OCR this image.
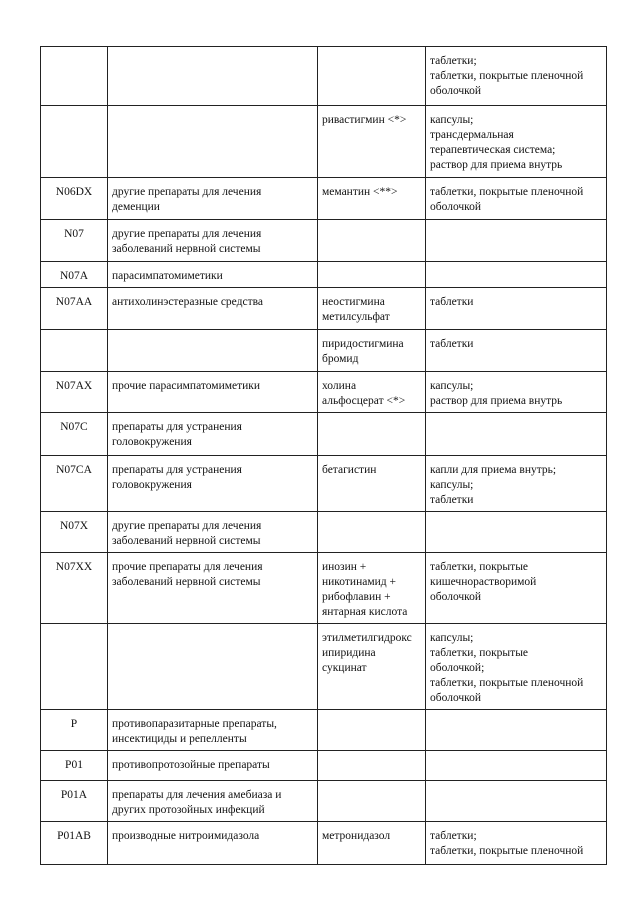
			таблетки;
таблетки, покрытые пленочной
оболочкой

		ривастигмин <*>	капсулы;
трансдермальная
терапевтическая система;
раствор для приема внутрь

N06DX	другие препараты для лечения
деменции	мемантин <**>	таблетки, покрытые пленочной
оболочкой

N07	другие препараты для лечения
заболеваний нервной системы		

N07A	парасимпатомиметики		

N07AA	антихолинэстеразные средства	неостигмина
метилсульфат	таблетки

		пиридостигмина
бромид	таблетки

N07AX	прочие парасимпатомиметики	холина
альфосцерат <*>	капсулы;
раствор для приема внутрь

N07C	препараты для устранения
головокружения		

N07CA	препараты для устранения
головокружения	бетагистин	капли для приема внутрь;
капсулы;
таблетки

N07X	другие препараты для лечения
заболеваний нервной системы		

N07XX	прочие препараты для лечения
заболеваний нервной системы	инозин +
никотинамид +
рибофлавин +
янтарная кислота	таблетки, покрытые
кишечнорастворимой
оболочкой

		этилметилгидрокс
ипиридина
сукцинат	капсулы;
таблетки, покрытые
оболочкой;
таблетки, покрытые пленочной
оболочкой

P	противопаразитарные препараты,
инсектициды и репелленты		

P01	противопротозойные препараты		

P01A	препараты для лечения амебиаза и
других протозойных инфекций		

P01AB	производные нитроимидазола	метронидазол	таблетки;
таблетки, покрытые пленочной
